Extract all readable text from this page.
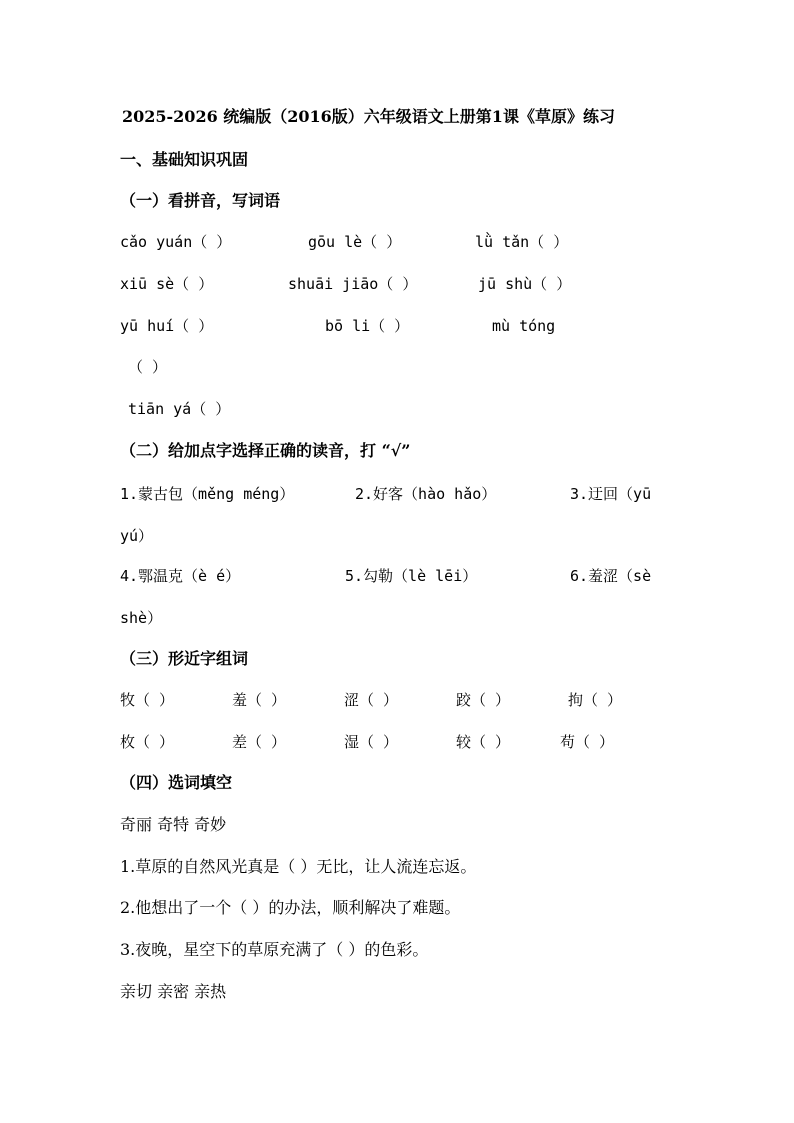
2025-2026 统编版（2016版）六年级语文上册第1课《草原》练习
一、基础知识巩固
（一）看拼音，写词语
cǎo yuán（ ）	gōu lè（ ）	lǜ tǎn（ ）
xiū sè（ ）	shuāi jiāo（ ）	jū shù（ ）
yū huí（ ）	bō li（ ）	mù tóng
（ ）
tiān yá（ ）
（二）给加点字选择正确的读音，打 “√”
1.蒙古包（měng méng）	2.好客（hào hǎo）	3.迂回（yū
yú）
4.鄂温克（è é）	5.勾勒（lè lēi）	6.羞涩（sè
shè）
（三）形近字组词
牧（ ）	羞（ ）	涩（ ）	跤（ ）	拘（ ）
枚（ ）	差（ ）	湿（ ）	较（ ）	苟（ ）
（四）选词填空
奇丽 奇特 奇妙
1.草原的自然风光真是（ ）无比，让人流连忘返。
2.他想出了一个（ ）的办法，顺利解决了难题。
3.夜晚，星空下的草原充满了（ ）的色彩。
亲切 亲密 亲热
